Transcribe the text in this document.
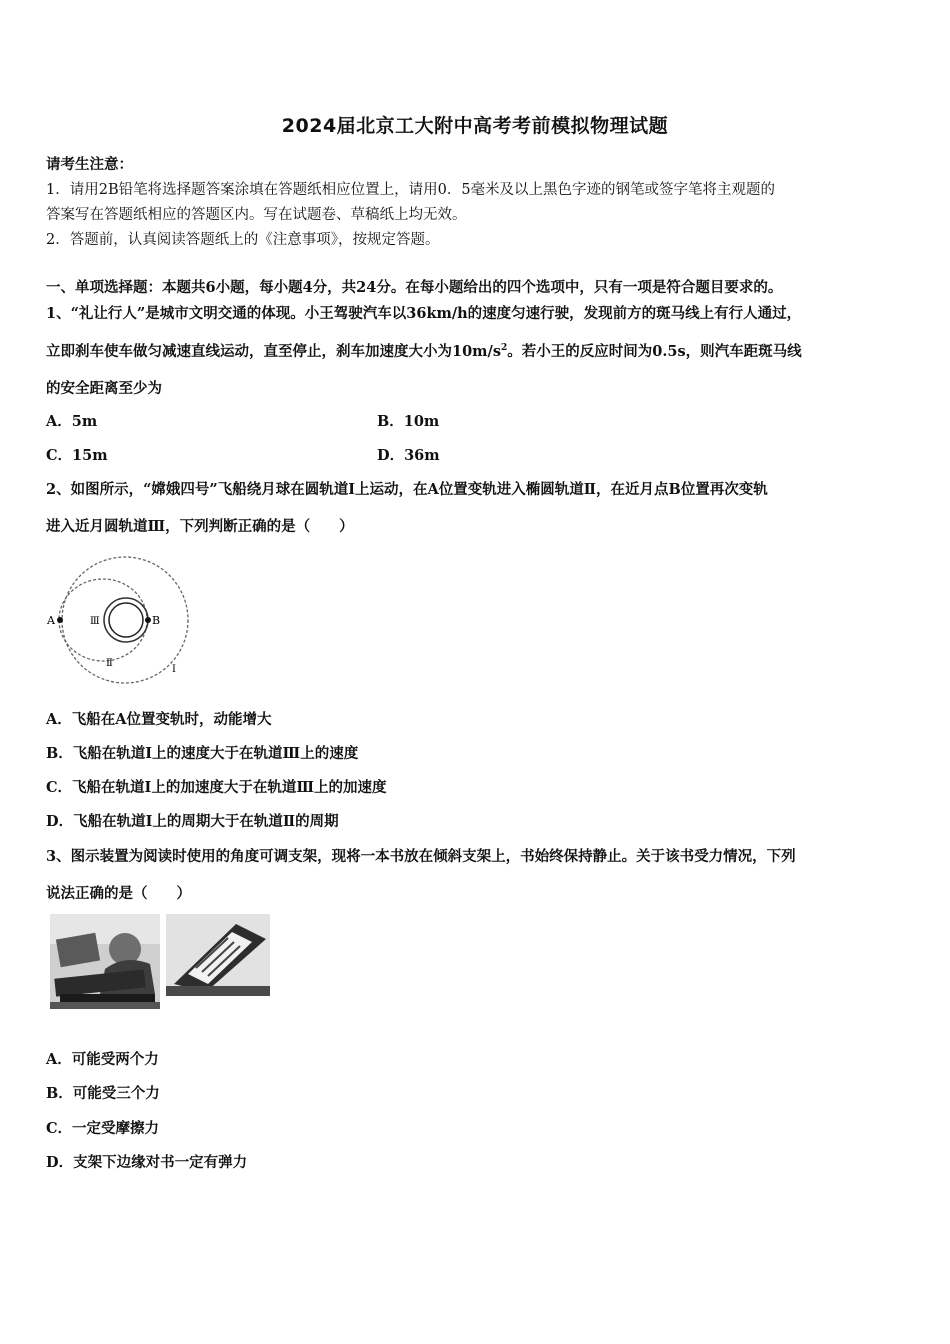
2024届北京工大附中高考考前模拟物理试题
请考生注意：
1．请用2B铅笔将选择题答案涂填在答题纸相应位置上，请用0．5毫米及以上黑色字迹的钢笔或签字笔将主观题的
答案写在答题纸相应的答题区内。写在试题卷、草稿纸上均无效。
2．答题前，认真阅读答题纸上的《注意事项》，按规定答题。
一、单项选择题：本题共6小题，每小题4分，共24分。在每小题给出的四个选项中，只有一项是符合题目要求的。
1、“礼让行人”是城市文明交通的体现。小王驾驶汽车以36km/h的速度匀速行驶，发现前方的斑马线上有行人通过，
立即刹车使车做匀减速直线运动，直至停止，刹车加速度大小为$10m/s^2$。若小王的反应时间为0.5s，则汽车距斑马线
的安全距离至少为
A．5m	B．10m
C．15m	D．36m
2、如图所示，“嫦娥四号”飞船绕月球在圆轨道Ⅰ上运动，在A位置变轨进入椭圆轨道Ⅱ，在近月点B位置再次变轨
进入近月圆轨道Ⅲ，下列判断正确的是（　　）
A	B
Ⅲ
Ⅱ
Ⅰ
A．飞船在A位置变轨时，动能增大
B．飞船在轨道Ⅰ上的速度大于在轨道Ⅲ上的速度
C．飞船在轨道Ⅰ上的加速度大于在轨道Ⅲ上的加速度
D．飞船在轨道Ⅰ上的周期大于在轨道Ⅱ的周期
3、图示装置为阅读时使用的角度可调支架，现将一本书放在倾斜支架上，书始终保持静止。关于该书受力情况，下列
说法正确的是（　　）
A．可能受两个力
B．可能受三个力
C．一定受摩擦力
D．支架下边缘对书一定有弹力
